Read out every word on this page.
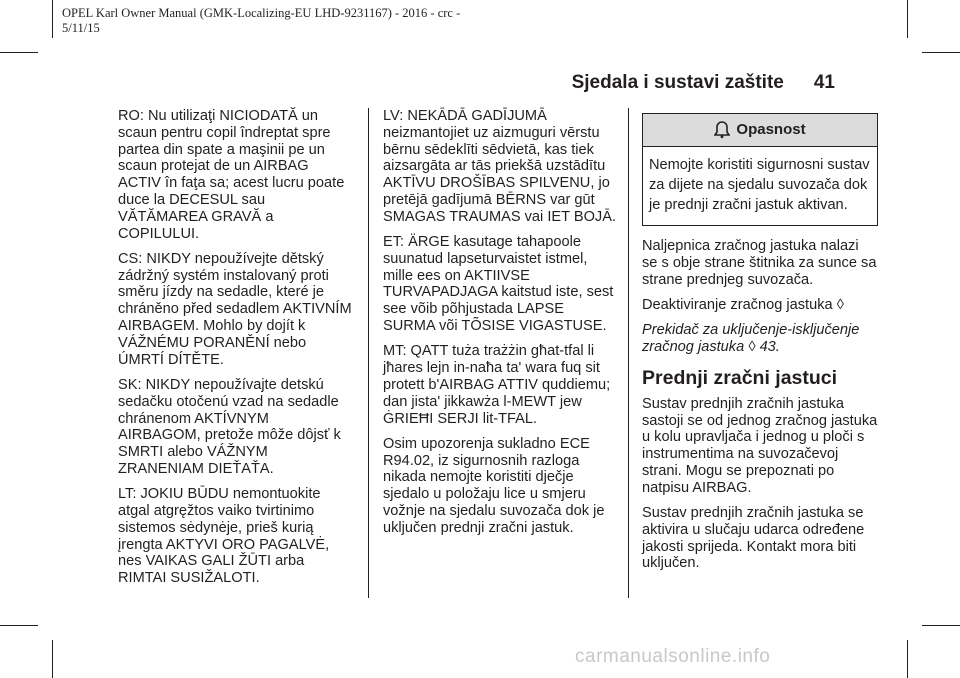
OPEL Karl Owner Manual (GMK-Localizing-EU LHD-9231167) - 2016 - crc -
5/11/15
Sjedala i sustavi zaštite 41

RO: Nu utilizaţi NICIODATĂ un scaun pentru copil îndreptat spre partea din spate a maşinii pe un scaun protejat de un AIRBAG ACTIV în faţa sa; acest lucru poate duce la DECESUL sau VĂTĂMAREA GRAVĂ a COPILULUI.

CS: NIKDY nepoužívejte dětský zádržný systém instalovaný proti směru jízdy na sedadle, které je chráněno před sedadlem AKTIVNÍM AIRBAGEM. Mohlo by dojít k VÁŽNÉMU PORANĚNÍ nebo ÚMRTÍ DÍTĚTE.

SK: NIKDY nepoužívajte detskú sedačku otočenú vzad na sedadle chránenom AKTÍVNYM AIRBAGOM, pretože môže dôjsť k SMRTI alebo VÁŽNYM ZRANENIAM DIEŤAŤA.

LT: JOKIU BŪDU nemontuokite atgal atgręžtos vaiko tvirtinimo sistemos sėdynėje, prieš kurią įrengta AKTYVI ORO PAGALVĖ, nes VAIKAS GALI ŽŪTI arba RIMTAI SUSIŽALOTI.

LV: NEKĀDĀ GADĪJUMĀ neizmantojiet uz aizmuguri vērstu bērnu sēdeklīti sēdvietā, kas tiek aizsargāta ar tās priekšā uzstādītu AKTĪVU DROŠĪBAS SPILVENU, jo pretējā gadījumā BĒRNS var gūt SMAGAS TRAUMAS vai IET BOJĀ.

ET: ÄRGE kasutage tahapoole suunatud lapseturvaistet istmel, mille ees on AKTIIVSE TURVAPADJAGA kaitstud iste, sest see võib põhjustada LAPSE SURMA või TÕSISE VIGASTUSE.

MT: QATT tuża trażżin għat-tfal li jħares lejn in-naħa ta' wara fuq sit protett b'AIRBAG ATTIV quddiemu; dan jista' jikkawża l-MEWT jew ĠRIEĦI SERJI lit-TFAL.

Osim upozorenja sukladno ECE R94.02, iz sigurnosnih razloga nikada nemojte koristiti dječje sjedalo u položaju lice u smjeru vožnje na sjedalu suvozača dok je uključen prednji zračni jastuk.

Opasnost
Nemojte koristiti sigurnosni sustav za dijete na sjedalu suvozača dok je prednji zračni jastuk aktivan.

Naljepnica zračnog jastuka nalazi se s obje strane štitnika za sunce sa strane prednjeg suvozača.

Deaktiviranje zračnog jastuka ◊

Prekidač za uključenje-isključenje zračnog jastuka ◊ 43.

Prednji zračni jastuci

Sustav prednjih zračnih jastuka sastoji se od jednog zračnog jastuka u kolu upravljača i jednog u ploči s instrumentima na suvozačevoj strani. Mogu se prepoznati po natpisu AIRBAG.

Sustav prednjih zračnih jastuka se aktivira u slučaju udarca određene jakosti sprijeda. Kontakt mora biti uključen.

carmanualsonline.info
